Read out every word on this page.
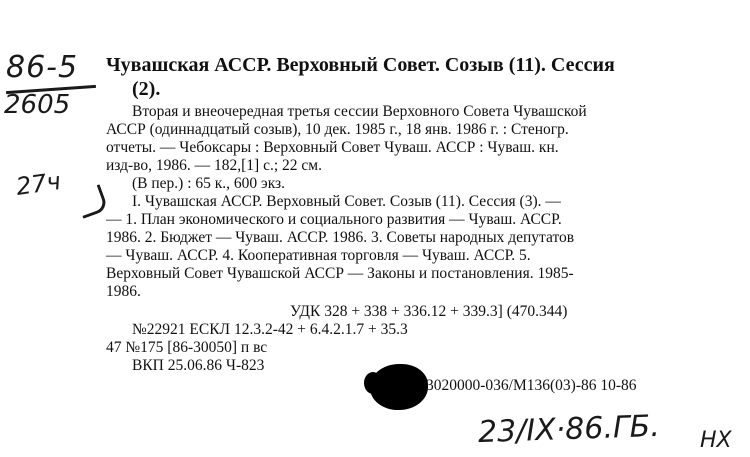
86-5
2605
27ч
Чувашская АССР. Верховный Совет. Созыв (11). Сессия
(2).
Вторая и внеочередная третья сессии Верховного Совета Чувашской
АССР (одиннадцатый созыв), 10 дек. 1985 г., 18 янв. 1986 г. : Стеногр.
отчеты. — Чебоксары : Верховный Совет Чуваш. АССР : Чуваш. кн.
изд-во, 1986. — 182,[1] с.; 22 см.
(В пер.) : 65 к., 600 экз.
I. Чувашская АССР. Верховный Совет. Созыв (11). Сессия (3). —
— 1. План экономического и социального развития — Чуваш. АССР.
1986. 2. Бюджет — Чуваш. АССР. 1986. 3. Советы народных депутатов
— Чуваш. АССР. 4. Кооперативная торговля — Чуваш. АССР. 5.
Верховный Совет Чувашской АССР — Законы и постановления. 1985-
1986.
УДК 328 + 338 + 336.12 + 339.3] (470.344)
№22921 ЕСКЛ 12.3.2-42 + 6.4.2.1.7 + 35.3
47 №175 [86-30050] п вс
ВКП 25.06.86 Ч-823
3020000-036/М136(03)-86 10-86
23/IX·86.ГБ. НХ
